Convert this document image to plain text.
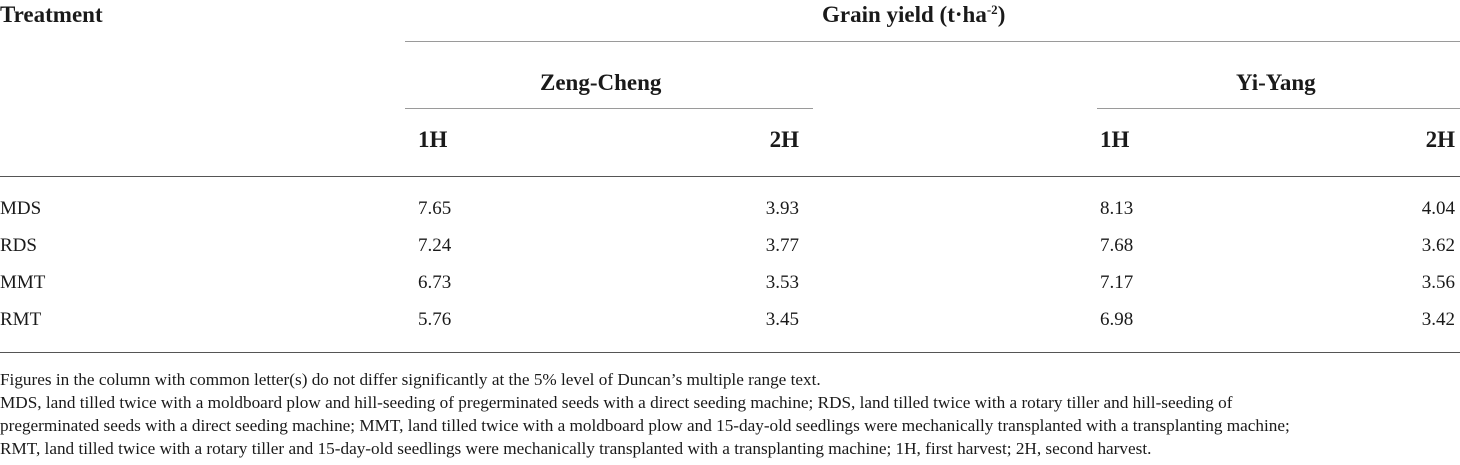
Treatment	Grain yield $(t\cdot ha^{-2})$
Zeng-Cheng	Yi-Yang
1H	2H	1H	2H
MDS	7.65	3.93	8.13	4.04
RDS	7.24	3.77	7.68	3.62
MMT	6.73	3.53	7.17	3.56
RMT	5.76	3.45	6.98	3.42
Figures in the column with common letter(s) do not differ significantly at the 5% level of Duncan’s multiple range text.
MDS, land tilled twice with a moldboard plow and hill-seeding of pregerminated seeds with a direct seeding machine; RDS, land tilled twice with a rotary tiller and hill-seeding of
pregerminated seeds with a direct seeding machine; MMT, land tilled twice with a moldboard plow and 15-day-old seedlings were mechanically transplanted with a transplanting machine;
RMT, land tilled twice with a rotary tiller and 15-day-old seedlings were mechanically transplanted with a transplanting machine; 1H, first harvest; 2H, second harvest.
